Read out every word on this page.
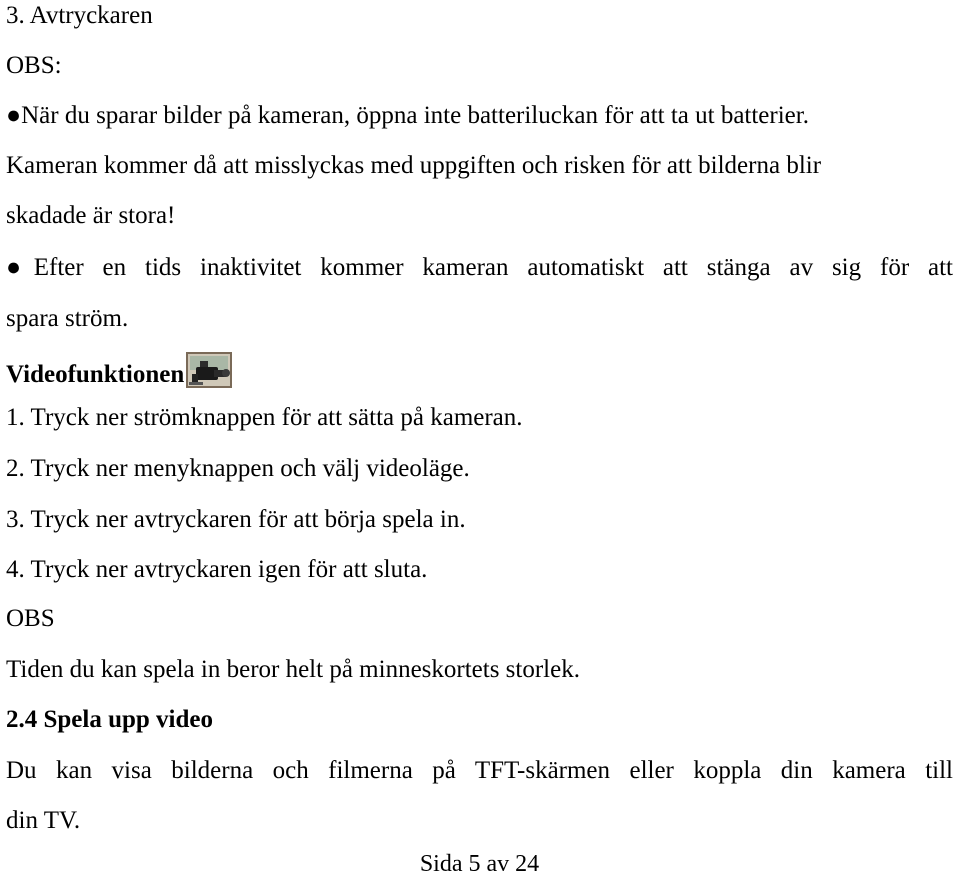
3. Avtryckaren
OBS:
●När du sparar bilder på kameran, öppna inte batteriluckan för att ta ut batterier.
Kameran kommer då att misslyckas med uppgiften och risken för att bilderna blir
skadade är stora!
●Efter en tids inaktivitet kommer kameran automatiskt att stänga av sig för att
spara ström.
Videofunktionen
1. Tryck ner strömknappen för att sätta på kameran.
2. Tryck ner menyknappen och välj videoläge.
3. Tryck ner avtryckaren för att börja spela in.
4. Tryck ner avtryckaren igen för att sluta.
OBS
Tiden du kan spela in beror helt på minneskortets storlek.
2.4 Spela upp video
Du kan visa bilderna och filmerna på TFT-skärmen eller koppla din kamera till
din TV.
Sida 5 av 24
